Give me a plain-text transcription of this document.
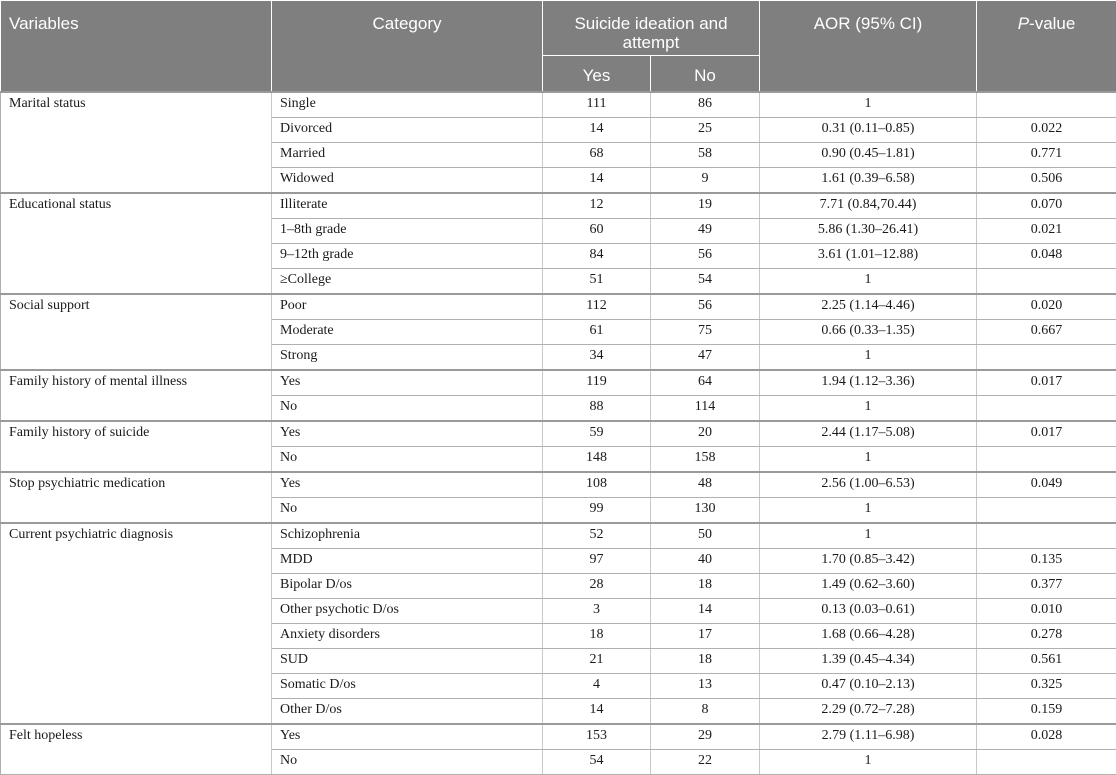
Variables	Category	Suicide ideation and attempt		AOR (95% CI)	P-value
		Yes	No		
Marital status	Single	111	86	1	
	Divorced	14	25	0.31 (0.11–0.85)	0.022
	Married	68	58	0.90 (0.45–1.81)	0.771
	Widowed	14	9	1.61 (0.39–6.58)	0.506
Educational status	Illiterate	12	19	7.71 (0.84,70.44)	0.070
	1–8th grade	60	49	5.86 (1.30–26.41)	0.021
	9–12th grade	84	56	3.61 (1.01–12.88)	0.048
	≥College	51	54	1	
Social support	Poor	112	56	2.25 (1.14–4.46)	0.020
	Moderate	61	75	0.66 (0.33–1.35)	0.667
	Strong	34	47	1	
Family history of mental illness	Yes	119	64	1.94 (1.12–3.36)	0.017
	No	88	114	1	
Family history of suicide	Yes	59	20	2.44 (1.17–5.08)	0.017
	No	148	158	1	
Stop psychiatric medication	Yes	108	48	2.56 (1.00–6.53)	0.049
	No	99	130	1	
Current psychiatric diagnosis	Schizophrenia	52	50	1	
	MDD	97	40	1.70 (0.85–3.42)	0.135
	Bipolar D/os	28	18	1.49 (0.62–3.60)	0.377
	Other psychotic D/os	3	14	0.13 (0.03–0.61)	0.010
	Anxiety disorders	18	17	1.68 (0.66–4.28)	0.278
	SUD	21	18	1.39 (0.45–4.34)	0.561
	Somatic D/os	4	13	0.47 (0.10–2.13)	0.325
	Other D/os	14	8	2.29 (0.72–7.28)	0.159
Felt hopeless	Yes	153	29	2.79 (1.11–6.98)	0.028
	No	54	22	1	
